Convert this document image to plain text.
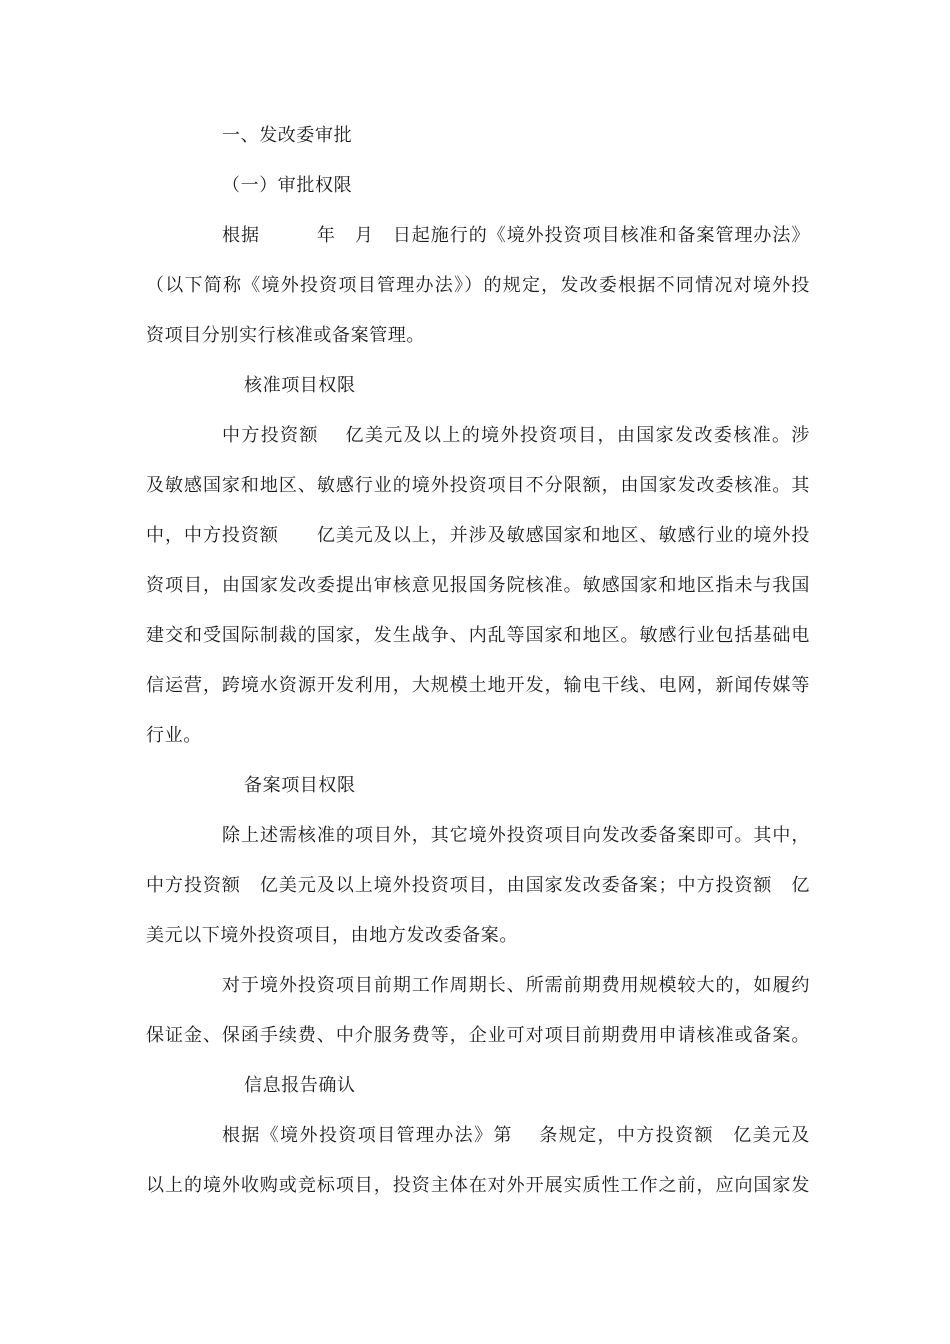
一、发改委审批

（一）审批权限

根据　　　年　月　日起施行的《境外投资项目核准和备案管理办法》

（以下简称《境外投资项目管理办法》）的规定，发改委根据不同情况对境外投

资项目分别实行核准或备案管理。

核准项目权限

中方投资额　 亿美元及以上的境外投资项目，由国家发改委核准。涉

及敏感国家和地区、敏感行业的境外投资项目不分限额，由国家发改委核准。其

中，中方投资额　　亿美元及以上，并涉及敏感国家和地区、敏感行业的境外投

资项目，由国家发改委提出审核意见报国务院核准。敏感国家和地区指未与我国

建交和受国际制裁的国家，发生战争、内乱等国家和地区。敏感行业包括基础电

信运营，跨境水资源开发利用，大规模土地开发，输电干线、电网，新闻传媒等

行业。

备案项目权限

除上述需核准的项目外，其它境外投资项目向发改委备案即可。其中，

中方投资额　亿美元及以上境外投资项目，由国家发改委备案；中方投资额　亿

美元以下境外投资项目，由地方发改委备案。

对于境外投资项目前期工作周期长、所需前期费用规模较大的，如履约

保证金、保函手续费、中介服务费等，企业可对项目前期费用申请核准或备案。

信息报告确认

根据《境外投资项目管理办法》第　 条规定，中方投资额　亿美元及

以上的境外收购或竞标项目，投资主体在对外开展实质性工作之前，应向国家发
